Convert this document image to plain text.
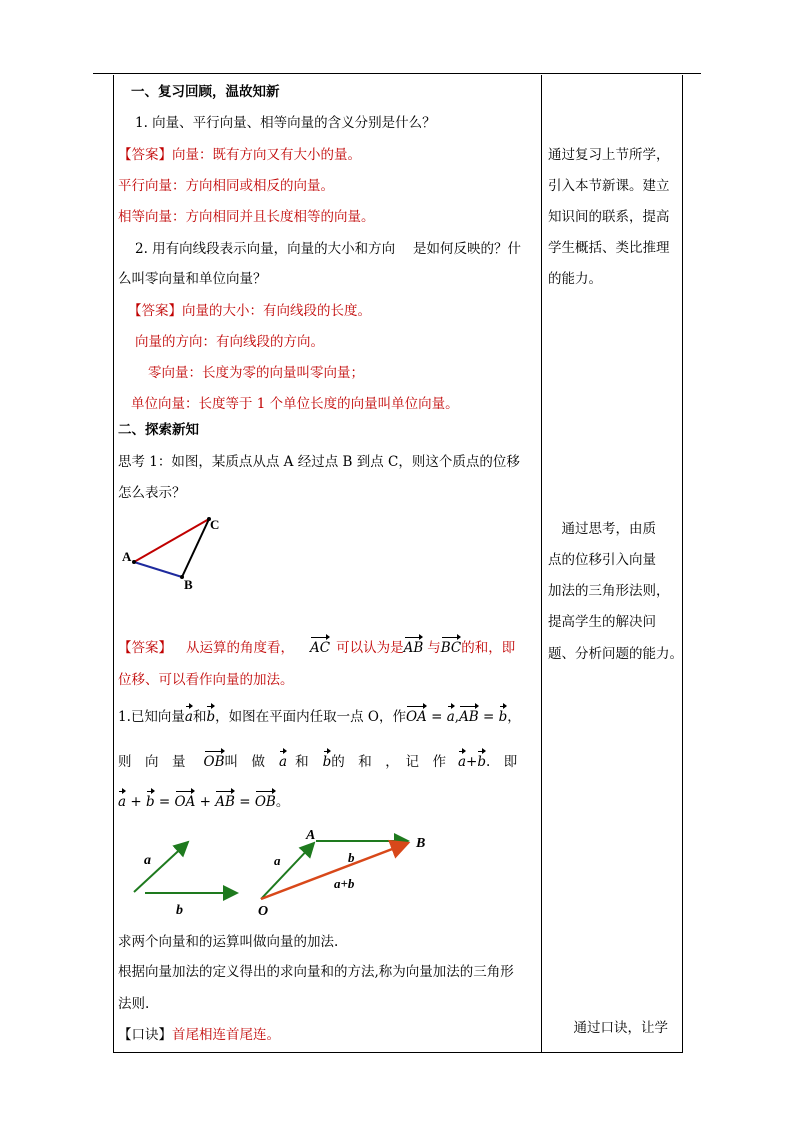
一、复习回顾，温故知新
1. 向量、平行向量、相等向量的含义分别是什么？
【答案】向量：既有方向又有大小的量。
平行向量：方向相同或相反的向量。
相等向量：方向相同并且长度相等的向量。
2. 用有向线段表示向量，向量的大小和方向　 是如何反映的？什
么叫零向量和单位向量？
【答案】向量的大小：有向线段的长度。
向量的方向：有向线段的方向。
零向量：长度为零的向量叫零向量；
单位向量：长度等于 1 个单位长度的向量叫单位向量。
二、探索新知
思考 1：如图，某质点从点 A 经过点 B 到点 C，则这个质点的位移
怎么表示？
A
B
C
【答案】 从运算的角度看， AC 可以认为是AB 与BC的和，即
位移、可以看作向量的加法。
1.已知向量a和b，如图在平面内任取一点 O，作OA = a,AB = b，
则　向　量 OB叫　做 a 和 b的　和　，　记　作 a+b.　即
a + b = OA + AB = OB。
a
b
A
B
O
a	b
a+b
求两个向量和的运算叫做向量的加法.
根据向量加法的定义得出的求向量和的方法,称为向量加法的三角形
法则.
【口诀】首尾相连首尾连。
通过复习上节所学，
引入本节新课。建立
知识间的联系，提高
学生概括、类比推理
的能力。
　通过思考，由质
点的位移引入向量
加法的三角形法则，
提高学生的解决问
题、分析问题的能力。
　通过口诀，让学
